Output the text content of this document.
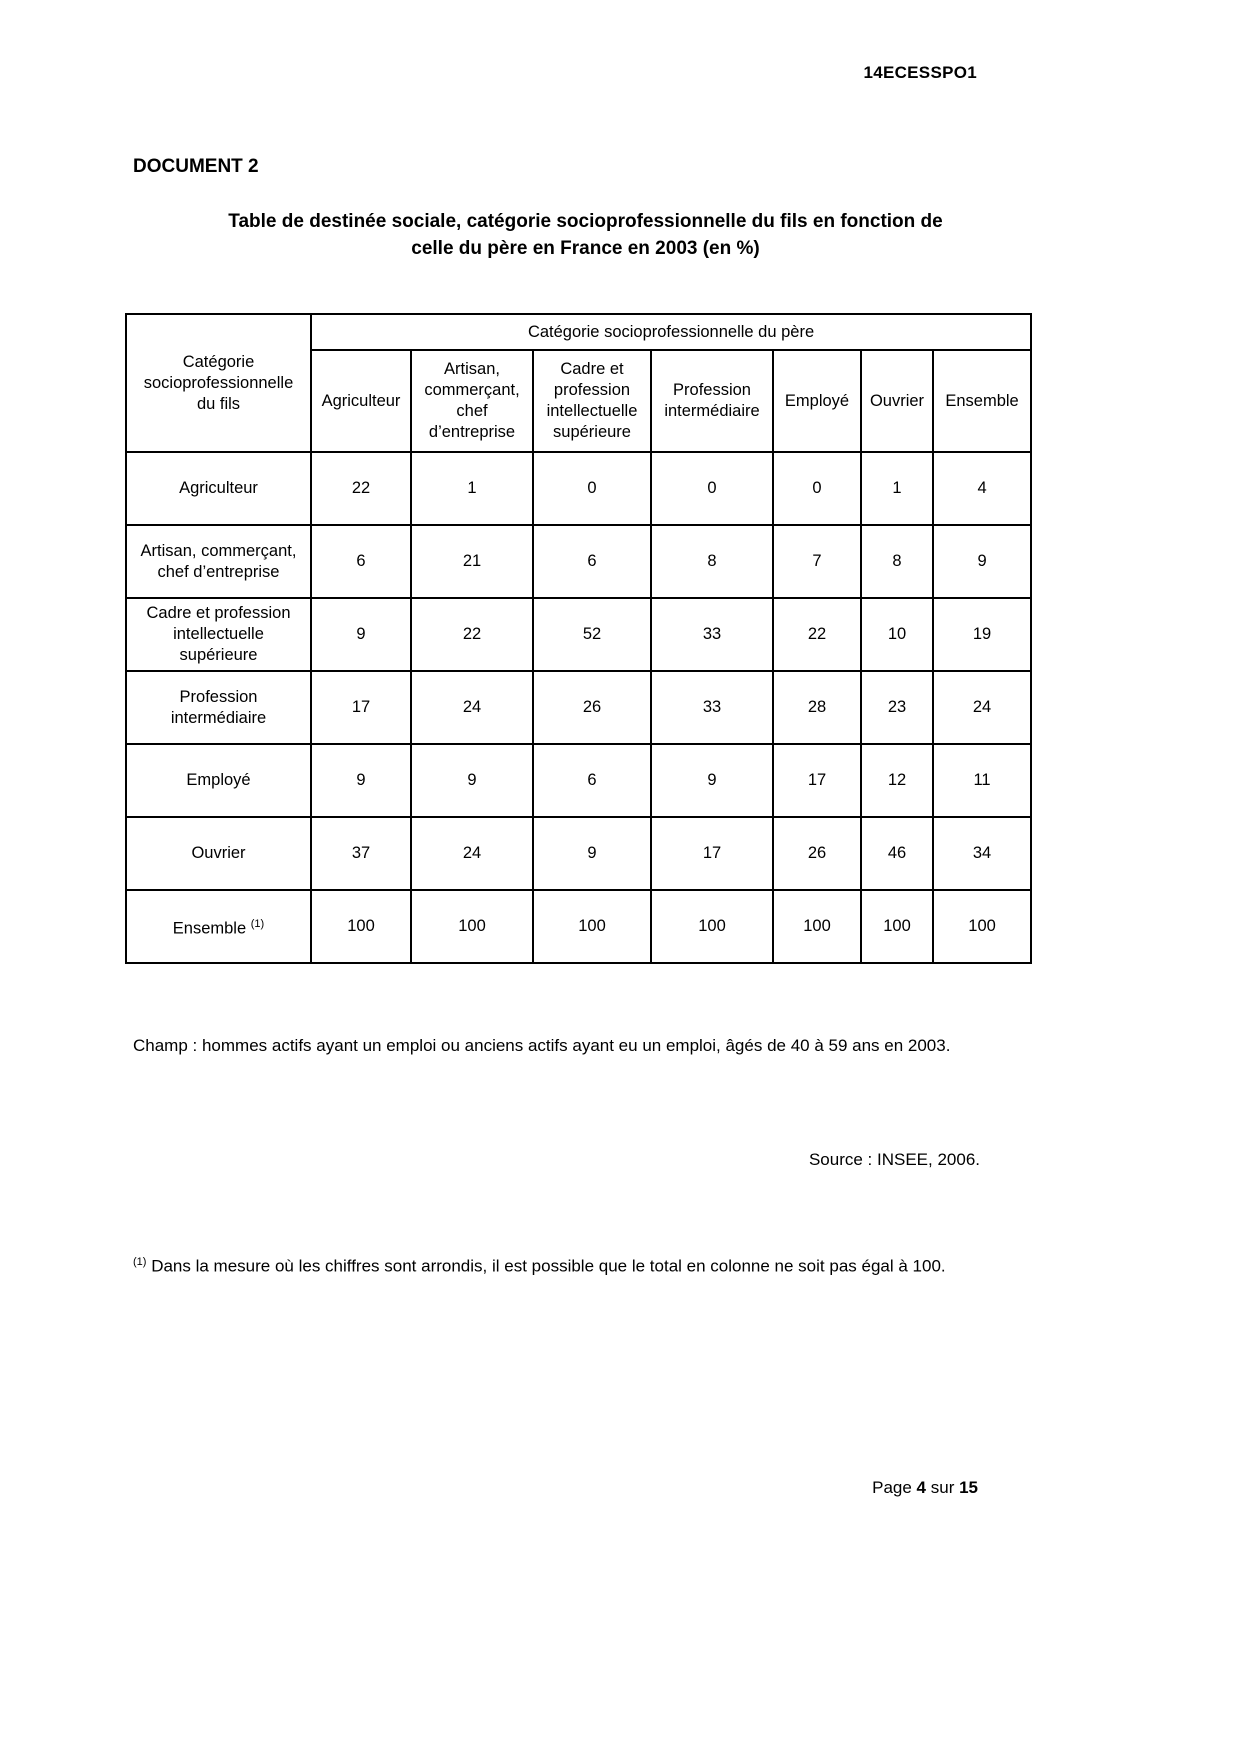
14ECESSPO1
DOCUMENT 2
Table de destinée sociale, catégorie socioprofessionnelle du fils en fonction de
celle du père en France en 2003 (en %)
Catégorie socioprofessionnelle du fils	Catégorie socioprofessionnelle du père						
	Agriculteur	Artisan, commerçant, chef d’entreprise	Cadre et profession intellectuelle supérieure	Profession intermédiaire	Employé	Ouvrier	Ensemble
Agriculteur	22	1	0	0	0	1	4
Artisan, commerçant, chef d’entreprise	6	21	6	8	7	8	9
Cadre et profession intellectuelle supérieure	9	22	52	33	22	10	19
Profession intermédiaire	17	24	26	33	28	23	24
Employé	9	9	6	9	17	12	11
Ouvrier	37	24	9	17	26	46	34
Ensemble $^{(1)}$	100	100	100	100	100	100	100

Champ : hommes actifs ayant un emploi ou anciens actifs ayant eu un emploi, âgés de 40 à 59 ans en 2003.

Source : INSEE, 2006.

$^{(1)}$ Dans la mesure où les chiffres sont arrondis, il est possible que le total en colonne ne soit pas égal à 100.

Page 4 sur 15
